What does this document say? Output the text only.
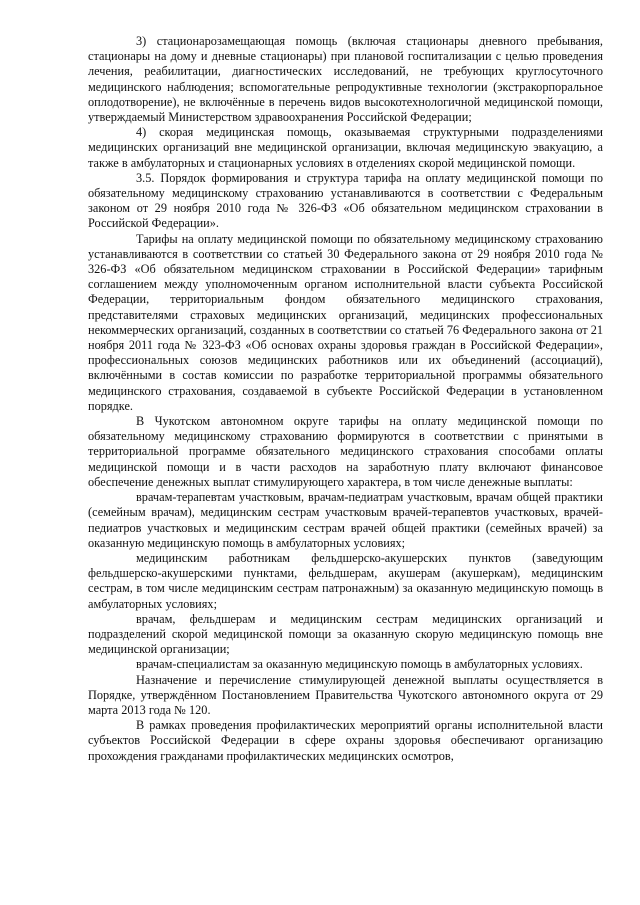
3) стационарозамещающая помощь (включая стационары дневного пребывания, стационары на дому и дневные стационары) при плановой госпитализации с целью проведения лечения, реабилитации, диагностических исследований, не требующих круглосуточного медицинского наблюдения; вспомогательные репродуктивные технологии (экстракорпоральное оплодотворение), не включённые в перечень видов высокотехнологичной медицинской помощи, утверждаемый Министерством здравоохранения Российской Федерации;

4) скорая медицинская помощь, оказываемая структурными подразделениями медицинских организаций вне медицинской организации, включая медицинскую эвакуацию, а также в амбулаторных и стационарных условиях в отделениях скорой медицинской помощи.

3.5. Порядок формирования и структура тарифа на оплату медицинской помощи по обязательному медицинскому страхованию устанавливаются в соответствии с Федеральным законом от 29 ноября 2010 года № 326-ФЗ «Об обязательном медицинском страховании в Российской Федерации».

Тарифы на оплату медицинской помощи по обязательному медицинскому страхованию устанавливаются в соответствии со статьей 30 Федерального закона от 29 ноября 2010 года № 326-ФЗ «Об обязательном медицинском страховании в Российской Федерации» тарифным соглашением между уполномоченным органом исполнительной власти субъекта Российской Федерации, территориальным фондом обязательного медицинского страхования, представителями страховых медицинских организаций, медицинских профессиональных некоммерческих организаций, созданных в соответствии со статьей 76 Федерального закона от 21 ноября 2011 года № 323-ФЗ «Об основах охраны здоровья граждан в Российской Федерации», профессиональных союзов медицинских работников или их объединений (ассоциаций), включёнными в состав комиссии по разработке территориальной программы обязательного медицинского страхования, создаваемой в субъекте Российской Федерации в установленном порядке.

В Чукотском автономном округе тарифы на оплату медицинской помощи по обязательному медицинскому страхованию формируются в соответствии с принятыми в территориальной программе обязательного медицинского страхования способами оплаты медицинской помощи и в части расходов на заработную плату включают финансовое обеспечение денежных выплат стимулирующего характера, в том числе денежные выплаты:

врачам-терапевтам участковым, врачам-педиатрам участковым, врачам общей практики (семейным врачам), медицинским сестрам участковым врачей-терапевтов участковых, врачей-педиатров участковых и медицинским сестрам врачей общей практики (семейных врачей) за оказанную медицинскую помощь в амбулаторных условиях;

медицинским работникам фельдшерско-акушерских пунктов (заведующим фельдшерско-акушерскими пунктами, фельдшерам, акушерам (акушеркам), медицинским сестрам, в том числе медицинским сестрам патронажным) за оказанную медицинскую помощь в амбулаторных условиях;

врачам, фельдшерам и медицинским сестрам медицинских организаций и подразделений скорой медицинской помощи за оказанную скорую медицинскую помощь вне медицинской организации;

врачам-специалистам за оказанную медицинскую помощь в амбулаторных условиях.

Назначение и перечисление стимулирующей денежной выплаты осуществляется в Порядке, утверждённом Постановлением Правительства Чукотского автономного округа от 29 марта 2013 года № 120.

В рамках проведения профилактических мероприятий органы исполнительной власти субъектов Российской Федерации в сфере охраны здоровья обеспечивают организацию прохождения гражданами профилактических медицинских осмотров,
